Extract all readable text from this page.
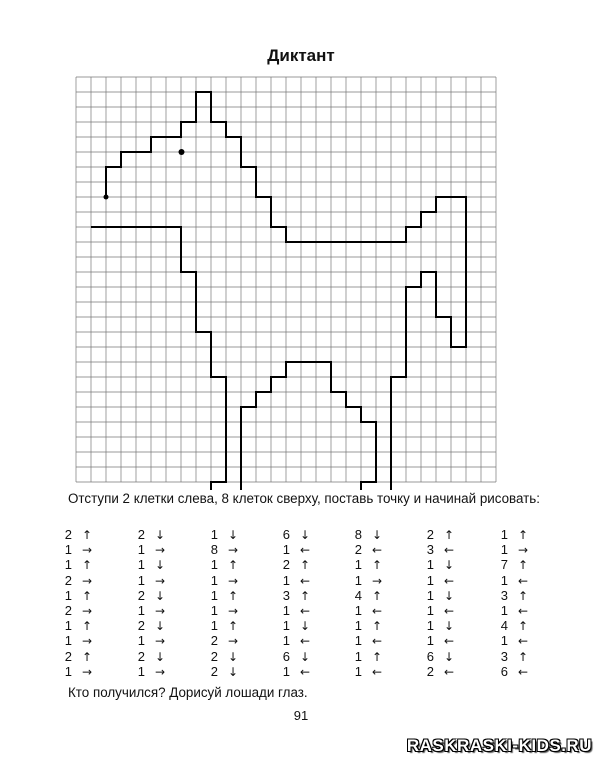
Диктант
Отступи 2 клетки слева, 8 клеток сверху, поставь точку и начинай рисовать:
2 ↑
1 →
1 ↑
2 →
1 ↑
2 →
1 ↑
1 →
2 ↑
1 →
2 ↓
1 →
1 ↓
1 →
2 ↓
1 →
2 ↓
1 →
2 ↓
1 →
1 ↓
8 →
1 ↑
1 →
1 ↑
1 →
1 ↑
2 →
2 ↓
2 ↓
6 ↓
1 ←
2 ↑
1 ←
3 ↑
1 ←
1 ↓
1 ←
6 ↓
1 ←
8 ↓
2 ←
1 ↑
1 →
4 ↑
1 ←
1 ↑
1 ←
1 ↑
1 ←
2 ↑
3 ←
1 ↓
1 ←
1 ↓
1 ←
1 ↓
1 ←
6 ↓
2 ←
1 ↑
1 →
7 ↑
1 ←
3 ↑
1 ←
4 ↑
1 ←
3 ↑
6 ←
Кто получился? Дорисуй лошади глаз.
91
RASKRASKI-KIDS.RU
